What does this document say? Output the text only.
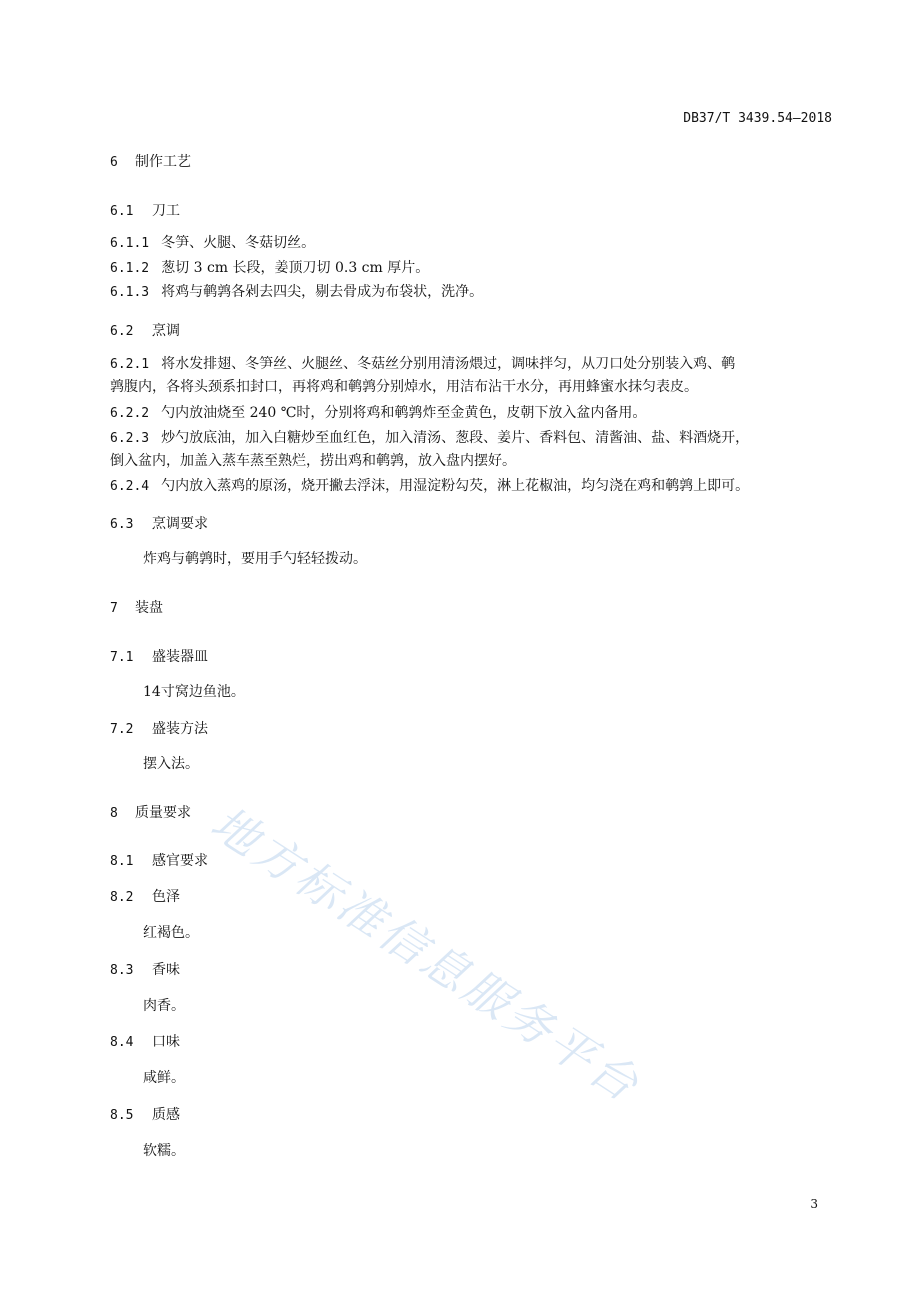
DB37/T 3439.54—2018
6 制作工艺
6.1 刀工
6.1.1 冬笋、火腿、冬菇切丝。
6.1.2 葱切 3 cm 长段，姜顶刀切 0.3 cm 厚片。
6.1.3 将鸡与鹌鹑各剁去四尖，剔去骨成为布袋状，洗净。
6.2 烹调
6.2.1 将水发排翅、冬笋丝、火腿丝、冬菇丝分别用清汤煨过，调味拌匀，从刀口处分别装入鸡、鹌
鹑腹内，各将头颈系扣封口，再将鸡和鹌鹑分别焯水，用洁布沾干水分，再用蜂蜜水抹匀表皮。
6.2.2 勺内放油烧至 240 ℃时，分别将鸡和鹌鹑炸至金黄色，皮朝下放入盆内备用。
6.2.3 炒勺放底油，加入白糖炒至血红色，加入清汤、葱段、姜片、香料包、清酱油、盐、料酒烧开，
倒入盆内，加盖入蒸车蒸至熟烂，捞出鸡和鹌鹑，放入盘内摆好。
6.2.4 勺内放入蒸鸡的原汤，烧开撇去浮沫，用湿淀粉勾芡，淋上花椒油，均匀浇在鸡和鹌鹑上即可。
6.3 烹调要求
炸鸡与鹌鹑时，要用手勺轻轻拨动。
7 装盘
7.1 盛装器皿
14寸窝边鱼池。
7.2 盛装方法
摆入法。
8 质量要求
8.1 感官要求
8.2 色泽
红褐色。
8.3 香味
肉香。
8.4 口味
咸鲜。
8.5 质感
软糯。
3
地方标准信息服务平台
